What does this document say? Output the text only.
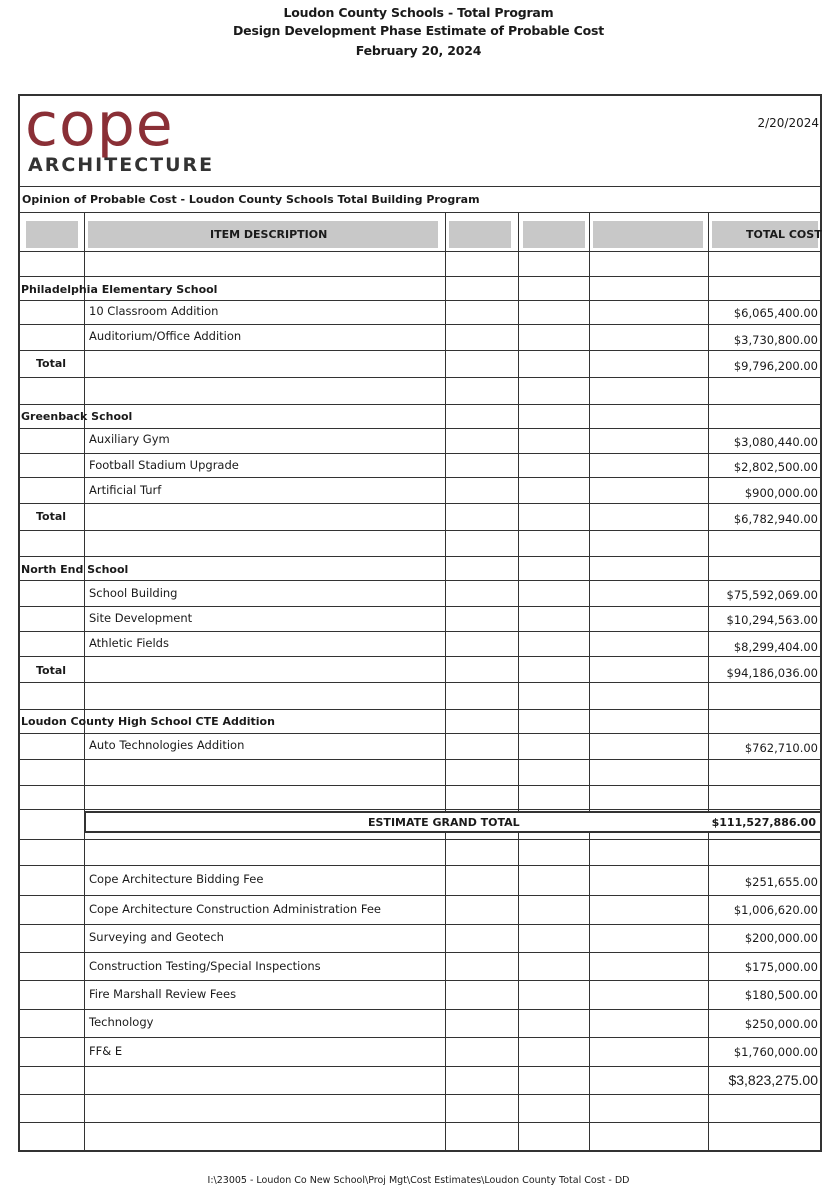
Loudon County Schools - Total Program
Design Development Phase Estimate of Probable Cost
February 20, 2024
cope
ARCHITECTURE
2/20/2024
Opinion of Probable Cost - Loudon County Schools Total Building Program
ITEM DESCRIPTION	TOTAL COST
Philadelphia Elementary School
10 Classroom Addition	$6,065,400.00
Auditorium/Office Addition	$3,730,800.00
Total	$9,796,200.00
Greenback School
Auxiliary Gym	$3,080,440.00
Football Stadium Upgrade	$2,802,500.00
Artificial Turf	$900,000.00
Total	$6,782,940.00
North End School
School Building	$75,592,069.00
Site Development	$10,294,563.00
Athletic Fields	$8,299,404.00
Total	$94,186,036.00
Loudon County High School CTE Addition
Auto Technologies Addition	$762,710.00
ESTIMATE GRAND TOTAL	$111,527,886.00
Cope Architecture Bidding Fee	$251,655.00
Cope Architecture Construction Administration Fee	$1,006,620.00
Surveying and Geotech	$200,000.00
Construction Testing/Special Inspections	$175,000.00
Fire Marshall Review Fees	$180,500.00
Technology	$250,000.00
FF& E	$1,760,000.00
$3,823,275.00
I:\23005 - Loudon Co New School\Proj Mgt\Cost Estimates\Loudon County Total Cost - DD
